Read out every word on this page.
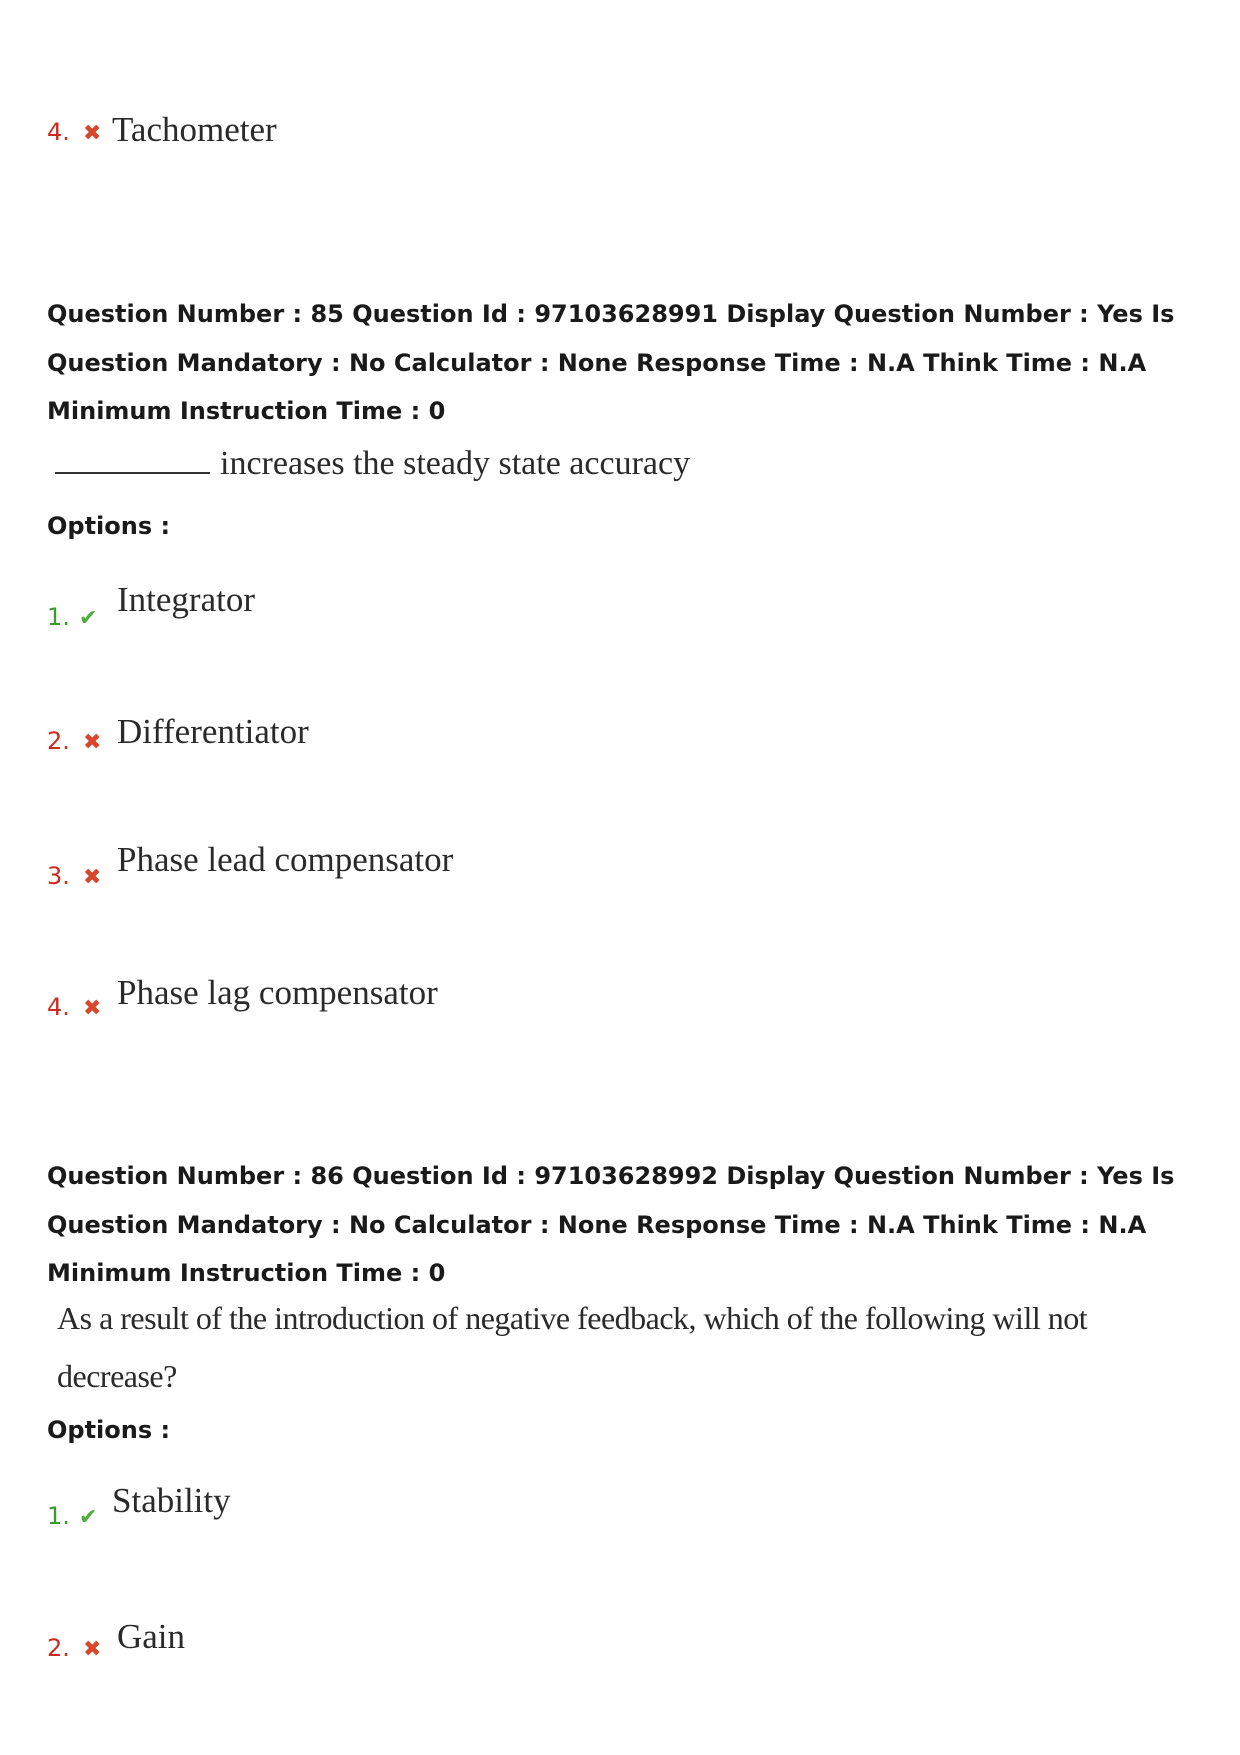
4. ✖ Tachometer

Question Number : 85 Question Id : 97103628991 Display Question Number : Yes Is Question Mandatory : No Calculator : None Response Time : N.A Think Time : N.A Minimum Instruction Time : 0

increases the steady state accuracy

Options :

1. ✔ Integrator
2. ✖ Differentiator
3. ✖ Phase lead compensator
4. ✖ Phase lag compensator

Question Number : 86 Question Id : 97103628992 Display Question Number : Yes Is Question Mandatory : No Calculator : None Response Time : N.A Think Time : N.A Minimum Instruction Time : 0

As a result of the introduction of negative feedback, which of the following will not
decrease?

Options :

1. ✔ Stability
2. ✖ Gain
